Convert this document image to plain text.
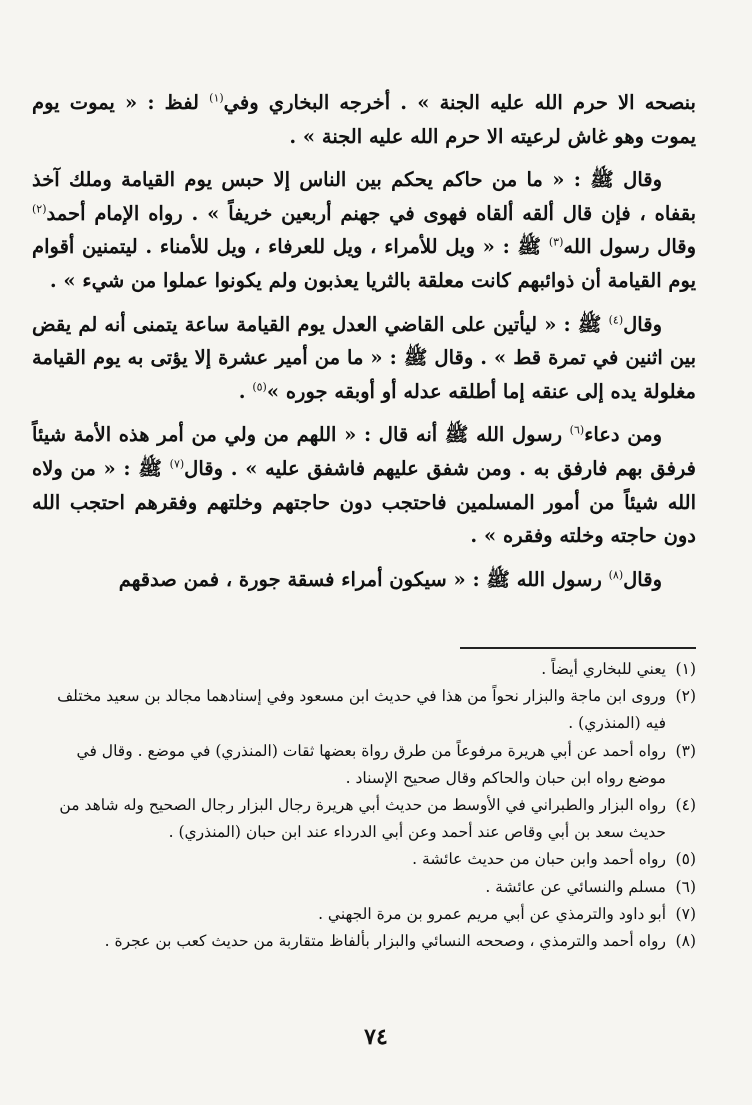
بنصحه الا حرم الله عليه الجنة » . أخرجه البخاري وفي$^{(١)}$ لفظ : « يموت يوم يموت وهو غاش لرعيته الا حرم الله عليه الجنة » .

وقال ﷺ : « ما من حاكم يحكم بين الناس إلا حبس يوم القيامة وملك آخذ بقفاه ، فإن قال ألقه ألقاه فهوى في جهنم أربعين خريفاً » . رواه الإمام أحمد$^{(٢)}$ وقال رسول الله$^{(٣)}$ ﷺ : « ويل للأمراء ، ويل للعرفاء ، ويل للأمناء . ليتمنين أقوام يوم القيامة أن ذوائبهم كانت معلقة بالثريا يعذبون ولم يكونوا عملوا من شيء » .

وقال$^{(٤)}$ ﷺ : « ليأتين على القاضي العدل يوم القيامة ساعة يتمنى أنه لم يقض بين اثنين في تمرة قط » . وقال ﷺ : « ما من أمير عشرة إلا يؤتى به يوم القيامة مغلولة يده إلى عنقه إما أطلقه عدله أو أوبقه جوره »$^{(٥)}$ .

ومن دعاء$^{(٦)}$ رسول الله ﷺ أنه قال : « اللهم من ولي من أمر هذه الأمة شيئاً فرفق بهم فارفق به . ومن شفق عليهم فاشفق عليه » . وقال$^{(٧)}$ ﷺ : « من ولاه الله شيئاً من أمور المسلمين فاحتجب دون حاجتهم وخلتهم وفقرهم احتجب الله دون حاجته وخلته وفقره » .

وقال$^{(٨)}$ رسول الله ﷺ : « سيكون أمراء فسقة جورة ، فمن صدقهم

(١)
يعني للبخاري أيضاً .
(٢)
وروى ابن ماجة والبزار نحواً من هذا في حديث ابن مسعود وفي إسنادهما مجالد بن سعيد مختلف فيه (المنذري) .
(٣)
رواه أحمد عن أبي هريرة مرفوعاً من طرق رواة بعضها ثقات (المنذري) في موضع . وقال في موضع رواه ابن حبان والحاكم وقال صحيح الإسناد .
(٤)
رواه البزار والطبراني في الأوسط من حديث أبي هريرة رجال البزار رجال الصحيح وله شاهد من حديث سعد بن أبي وقاص عند أحمد وعن أبي الدرداء عند ابن حبان (المنذري) .
(٥)
رواه أحمد وابن حبان من حديث عائشة .
(٦)
مسلم والنسائي عن عائشة .
(٧)
أبو داود والترمذي عن أبي مريم عمرو بن مرة الجهني .
(٨)
رواه أحمد والترمذي ، وصححه النسائي والبزار بألفاظ متقاربة من حديث كعب بن عجرة .
٧٤
